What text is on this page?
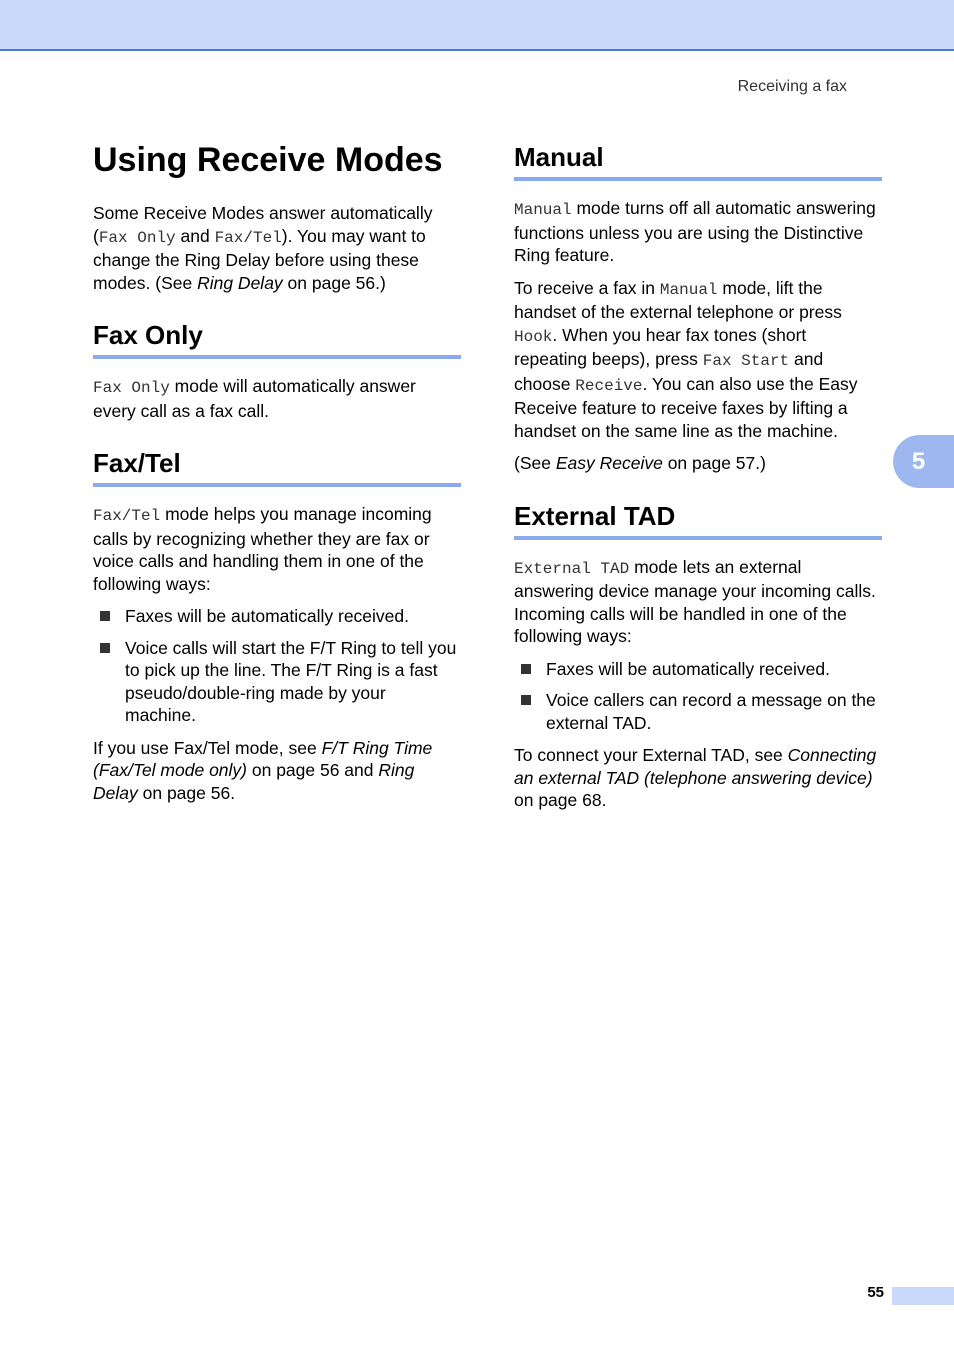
Receiving a fax
5
Using Receive Modes

Some Receive Modes answer automatically (Fax Only and Fax/Tel). You may want to change the Ring Delay before using these modes. (See Ring Delay on page 56.)

Fax Only

Fax Only mode will automatically answer every call as a fax call.

Fax/Tel

Fax/Tel mode helps you manage incoming calls by recognizing whether they are fax or voice calls and handling them in one of the following ways:

Faxes will be automatically received.
Voice calls will start the F/T Ring to tell you to pick up the line. The F/T Ring is a fast pseudo/double-ring made by your machine.

If you use Fax/Tel mode, see F/T Ring Time (Fax/Tel mode only) on page 56 and Ring Delay on page 56.

Manual

Manual mode turns off all automatic answering functions unless you are using the Distinctive Ring feature.

To receive a fax in Manual mode, lift the handset of the external telephone or press Hook. When you hear fax tones (short repeating beeps), press Fax Start and choose Receive. You can also use the Easy Receive feature to receive faxes by lifting a handset on the same line as the machine.

(See Easy Receive on page 57.)

External TAD

External TAD mode lets an external answering device manage your incoming calls. Incoming calls will be handled in one of the following ways:

Faxes will be automatically received.
Voice callers can record a message on the external TAD.

To connect your External TAD, see Connecting an external TAD (telephone answering device) on page 68.

55
